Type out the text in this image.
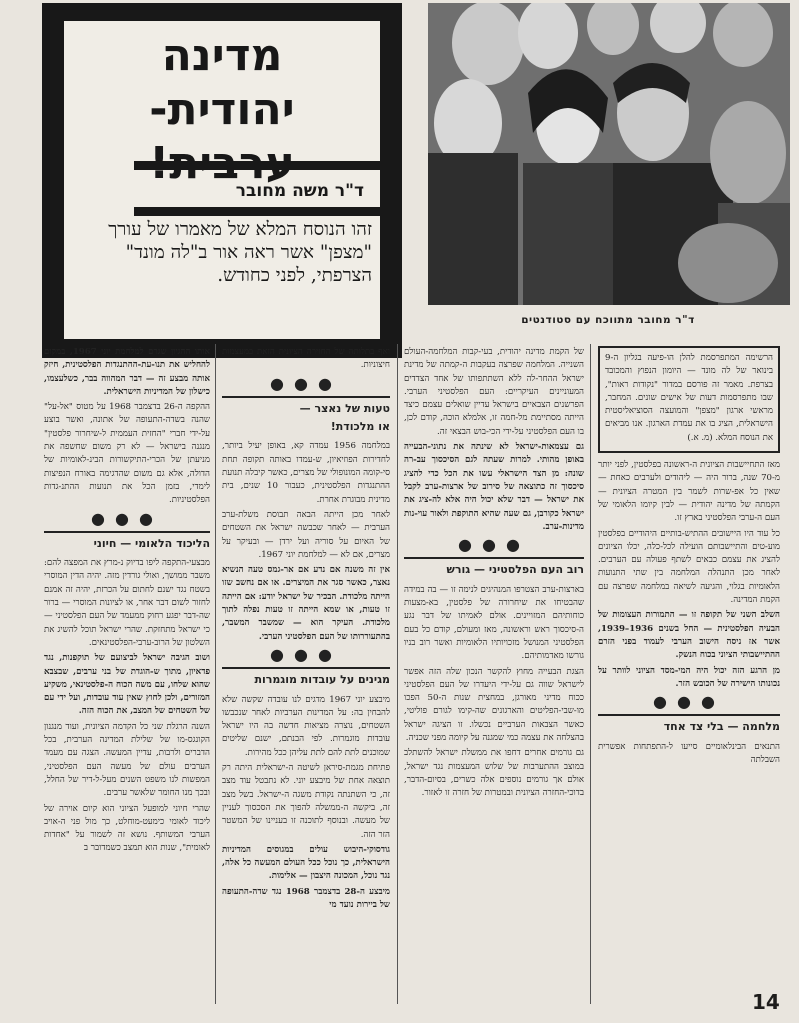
מדינה
יהודית-
ד"ר משה מחובר
זהו הנוסח המלא של מאמרו של עורך "מצפן" אשר ראה אור ב"לה מונד" הצרפתי, לפני כחודש.
ד"ר מחובר מתווכח עם סטודנטים

הרשימה המתפרסמת להלן הו-פיעה בגליון ה-9 בינואר של לה מונד — היומון הנפוץ והמכובד בצרפת. מאמר זה פורסם במדור "נקודות ראות", שבו מתפרסמות דעות של אישים שונים. המחבר, מראשי ארגון "מצפן" והמועצה הסוציאליסטית הישראלית, הציג בו את עמדת הארגון. אנו מביאים את הנוסח המלא. (מ. א.)

מאז התחיישבות הציונית ה-ראשונה בפלסטין, לפני יותר מ-70 שנה, ברור היה — ליהודים ולערבים כאחת — שאין כל אפ-שרות לשמר בין המטרה הציונית — הקמתה של מדינה יהודית — לבין קיומו הלאומי של העם ה-ערבי הפלסטיני בארץ זו.

כל עוד היו היישובים ההתיש-בותיים היהודיים בפלסטין מוע-טים והתיישבותם הועילה לכל-כלה, יכלו הציונים להציג את עצמם כבאים לשתף פעולה עם הערבים. לאחר מכן התנהלה המלחמה בין שתי התנועות הלאומיות בגלוי, והגיעה לשיאה במלחמה שפרצה עם הקמת המדינה.

השלב השני של תקופה זו — התמורות העצומות של הבעיה הפלסטינית — החל בשנים 1936–1939, אשר אז ניסה הישוב הערבי לעמוד בפני הזרם ההתיישבותי הציוני בכוח הנשק.

מן הרגע הזה יכול היה המי-מסד הציוני לוותר על נכונותו הישירה של הכובש הזר.

●●●
מלחמה — בלי צד אחד

התנאים הבינלאומיים סייעו ל-התפתחות אפשרית השבלתה

של הקמת מדינה יהודית, בעי-קבות המלחמה-העולם השנייה. המלחמה שפרצה בעקבות ה-קמתה של מדינת ישראל ההחר-לה ללא השתתפותו של אחד הצדדים המעוניינים העיקריים: העם הפלסטיני הערבי. הפרשנים הצבאיים בישראל עדיין שואלים עצמם כיצד הייתה מסתיימת מל-חמה זו, אלמלא הוכה, קודם לכן, בו העם הפלסטיני על-ידי הכי-בוש הבצאי זה.

גם עצמאות-ישראל לא שינתה את נתוני-הבעייה באופן מהותי. למרות שעתה לגם הסיכסוך עב-רה שונה: מן הצד הישראלי עשו את הכל כדי להציג סיכסוך זה כתוצאה של סירוב של ארצות-ערב לקבל את ישראל — דבר שלא יכול היה אלא לה-ציג את ישראל כקורבן, גם שעה שהיא התוקפת ולאור עוי-נות מדינות-ערב.

●●●
רוב העם הפלסטיני — גורש

בארצות-ערב הצטרפו המנהיגים לנימה זו — בה במידה שהבטיחו את שיחרורה של פלסטין, בא-מצעות כוחותיהם המזויינים. אולם לאמיתו של דבר נגע ה-סיכסוך ראש וראשונה, מאז ומעולם, קודם כל בעם הפלסטיני המנושל מזכויותיו הלאומיות ואשר רוב בניו גורשו מאדמותיהם.

הצגת הבעייה מחוץ להקשר הנכון שלה הזה אפשר לישראל שווה גם על-ידי היעדרו של העם הפלסטיני ככוח מדיני מאורגן, במחצית שנות ה-50 הפכו מו-שבי-הפליטים והארגונים שה-קימו לגורם פוליטי, כאשר הצבאות הערביים נכשלו. זו הציגה ישראל בהצלחה את עצמה כמי שמגנה על קיומה מפני שכניה.

גם גורמים אחרים דחפו את ממשלת ישראל להשתלב במוצב ההתערבות של שלוש המעצמות נגד ישראל, אולם אך גורמים נוספים אלה כשרים, בסיום-הדבר, בדוכי-החזרה הציונית ובמטרות של חזרה זו לאזור.

ואף בתלותה של החזירה הציונית הזאת במעצמות חיצוניות.

●●●
טעות של נאצר —
או מלכודת!

במלחמה 1956 עמדה קא, באופן יעיל ביותר, לחדירות הפוזיאיון, ש-עמדו באותה תקופה תחת סי-קומה המונופולי של מצרים, כאשר קיבלה תנועת ההתנגדות הפלסטינית, כעבור 10 שנים, בית מדינית מבוגרת אחרת.

לאחר מכן הייתה הבאה תבוסת משלת-ערב הערבית — לאחר שכבשה ישראל את השטחים של האיום על סוריה ועל ירדן — ובעיקר על מצרים, אם לא — למלחמת יוני 1967.

אין זה משנה אם נדע אם אר-גמס טעה הנשיא נאצר, כאשר סגר את המיצרים. או אם נחשב שזו הייתה מלכודת. הבכיר של ישראל יודע: אם הייתה זו טעות, או שמא הייתה זו טעות נפלה לתוך מלכודת. העיקר הוא — שמשבר המשבר, בהתעוררותו של העם הפלסטיני הערבי.

●●●
מגינים על עובדות מוגמרות

מיבצע יוני 1967 מדגים לנו עובדה שקשה שלא להבחין בה: על המדינות הערביות לאחר שנכבשו השטחים, נוצרה מציאות חדשה בה היו ישראל עובדות מוגמרות. לפי הבנתם, ישנם שליטים שמוכנים לתת להם לתת עליהן ככל מהירות.

פתיחת מגמת-סיראן לשיטה ה-ישראלית היתה רק תוצאה אחת של מיבצע יוני. לא נתבטל עוד מצב זה, כי השתנתה נקודת משגה ה-ישראל. בשל מצב זה, ביקשה ה-ממשלה להפוך את הסכסוך לעניין של מעשה. ובנוסף לתוכנה זו בעניינו של המשטר הזר הזה.

גודסוקי-היבוש עולים במגוסים המדיניות הישראלית, כך נוכל ככל העולם המעשה כל אלה, נגד נוכל, המכונה היצבון — אלימות.

מיבצע ה-28 בדצמבר 1968 נגד שדה-התעופה של ביירות נועד מי

אותו ההגיון שגרם למלחמת יוני 1967, במקום להחליש את תנו-עת-ההתנגדות הפלסטינית, חיזק אותה מבצע זה — דבר המהווה בבר, כשלעצמו, כישלון של המדיניות הישראלית.

ההקפה ה-26 בדצמבר 1968 על מטוס "אל-על" שהנה בשדה-התעופה של אתונה, ואשר בוצע על-ידי חברי "החזית העממית ל-שיחרור פלסטין" מנגנה בישראל — לא רק משום שחשפה את מניעתן של הכרי-התיקשורות הבינ-לאומיות של הדולה, אלא גם משום שהדגימה באורח הנפיצות לימדי, בזמן הכל את תנועות ההתנ-גדות הפלסטיניות.

●●●
הליכוד הלאומי — חיוני

מבצעי-התקפה ליפו בדיוק נ-מרץ את המפצה להם: משבר ממושך, ואולי גורדין מזה. יהיה הדין המוסרי בשטח נגד ישנם לחתום על הכרזת, יהיה זה אמנם לחזור לשום דבר אחר, או לציונות המוסרי — ברור שה-דבר יפגע רחוק ממעמד של העם הפלסטיני — כי ישראל מתחזקת. שהרי ישראל תוכל להשיג את השלטון של הרוב-ערבי-הפלסטינאים.

ושוב הגיבה ישראל לביצועם של תוקפנות, נגד פדאיון, מתוך ש-הוגדת של בני ערבים, שבצבא שהוא שלחו, עם משה הכוח ה-פלסטינאי, משקיע המזורים, ולכן לחוץ שאין עוד עובדות, ועל ידי עם של השטחים של המצב, את הכוח הזה.

השנה הרגלת שני כל הקדמה הציונית, ועוד מנגנון הקונגס-מו של שלילת המדינה הערבית, בכל הדברים ולרבות, עדיין המעשה. הצגה עם מעמד הערבים עולם של מעשה העם הפלסטיני, המפשות לנו משפט השנים מעל-ל-דיר של החלל, ובכך מנו החומר שלאשר ערבים.

שהרי חיוני למופעל הציוני הוא קיום אוירה של ליכוד לאומי כימעט-מוחלט, כך מול פני ה-אויב הערבי המשותף. נושא זה לשמור על "אחדות לאומית", שנות הוא תמצב כשמדובר ב

14
